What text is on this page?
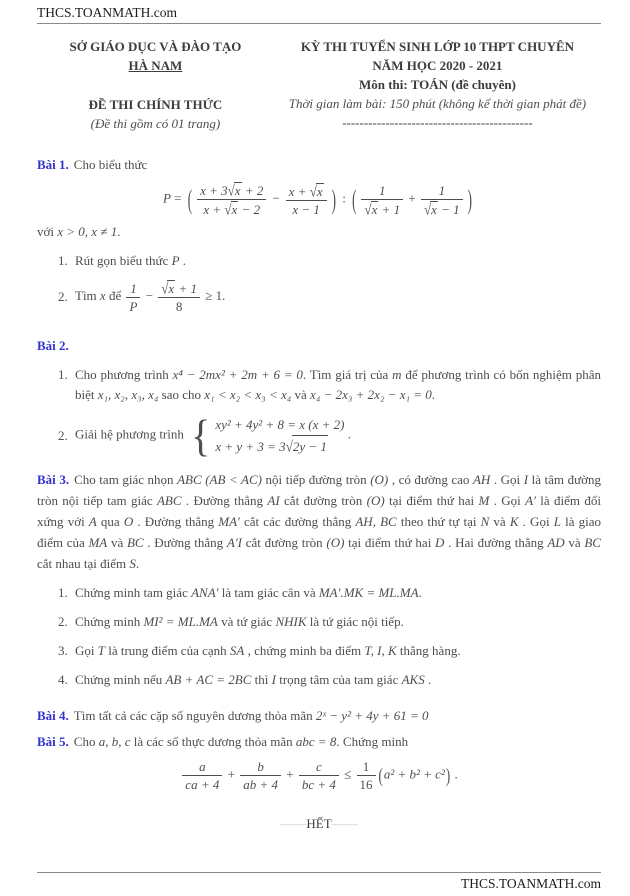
THCS.TOANMATH.com
SỞ GIÁO DỤC VÀ ĐÀO TẠO
HÀ NAM
ĐỀ THI CHÍNH THỨC
(Đề thi gồm có 01 trang)
KỲ THI TUYỂN SINH LỚP 10 THPT CHUYÊN
NĂM HỌC 2020 - 2021
Môn thi: TOÁN (đề chuyên)
Thời gian làm bài: 150 phút (không kể thời gian phát đề)
--------------------------------------------
Bài 1. Cho biểu thức
P = ( $\frac{x + 3√x + 2}{x + √x - 2} - \frac{x + √x}{x - 1}$ ) : ( $\frac{1}{√x + 1} + \frac{1}{√x - 1}$ )
với x > 0, x ≠ 1.
1. Rút gọn biểu thức P .
2. Tìm x để $\frac{1}{P} - \frac{√x + 1}{8} \ge 1$.
Bài 2.
1. Cho phương trình x⁴ − 2mx² + 2m + 6 = 0. Tìm giá trị của m để phương trình có bốn nghiệm phân biệt x₁, x₂, x₃, x₄ sao cho x₁ < x₂ < x₃ < x₄ và x₄ − 2x₃ + 2x₂ − x₁ = 0.
2. Giải hệ phương trình { xy² + 4y² + 8 = x (x + 2)
x + y + 3 = 3√2y − 1
.

Bài 3. Cho tam giác nhọn ABC (AB < AC) nội tiếp đường tròn (O) , có đường cao AH . Gọi I là tâm đường tròn nội tiếp tam giác ABC . Đường thẳng AI cắt đường tròn (O) tại điểm thứ hai M . Gọi A′ là điểm đối xứng với A qua O . Đường thẳng MA′ cắt các đường thẳng AH, BC theo thứ tự tại N và K . Gọi L là giao điểm của MA và BC . Đường thẳng A′I cắt đường tròn (O) tại điểm thứ hai D . Hai đường thẳng AD và BC cắt nhau tại điểm S.

1. Chứng minh tam giác ANA′ là tam giác cân và MA′.MK = ML.MA.
2. Chứng minh MI² = ML.MA và tứ giác NHIK là tứ giác nội tiếp.
3. Gọi T là trung điểm của cạnh SA , chứng minh ba điểm T, I, K thẳng hàng.
4. Chứng minh nếu AB + AC = 2BC thì I trọng tâm của tam giác AKS .
Bài 4. Tìm tất cả các cặp số nguyên dương thỏa mãn 2ˣ − y² + 4y + 61 = 0
Bài 5. Cho a, b, c là các số thực dương thỏa mãn abc = 8. Chứng minh
$\frac{a}{ca + 4} + \frac{b}{ab + 4} + \frac{c}{bc + 4} \le \frac{1}{16} (a^2 + b^2 + c^2)$ .
——HẾT——
THCS.TOANMATH.com
